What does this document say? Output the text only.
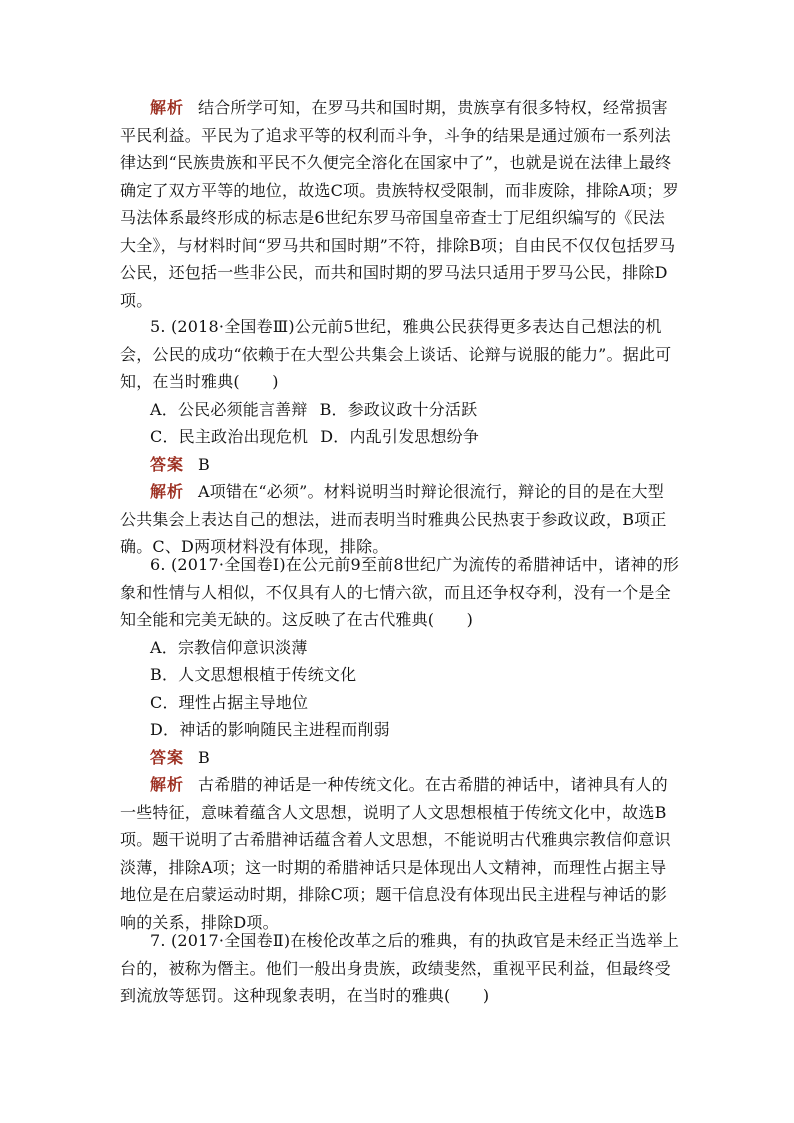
解析 结合所学可知，在罗马共和国时期，贵族享有很多特权，经常损害平民利益。平民为了追求平等的权利而斗争，斗争的结果是通过颁布一系列法律达到“民族贵族和平民不久便完全溶化在国家中了”，也就是说在法律上最终确定了双方平等的地位，故选C项。贵族特权受限制，而非废除，排除A项；罗马法体系最终形成的标志是6世纪东罗马帝国皇帝查士丁尼组织编写的《民法大全》，与材料时间“罗马共和国时期”不符，排除B项；自由民不仅仅包括罗马公民，还包括一些非公民，而共和国时期的罗马法只适用于罗马公民，排除D项。

5. (2018·全国卷Ⅲ)公元前5世纪，雅典公民获得更多表达自己想法的机会，公民的成功“依赖于在大型公共集会上谈话、论辩与说服的能力”。据此可知，在当时雅典(　　)

A．公民必须能言善辩 B．参政议政十分活跃
C．民主政治出现危机 D．内乱引发思想纷争

答案 B

解析 A项错在“必须”。材料说明当时辩论很流行，辩论的目的是在大型公共集会上表达自己的想法，进而表明当时雅典公民热衷于参政议政，B项正确。C、D两项材料没有体现，排除。

6. (2017·全国卷Ⅰ)在公元前9至前8世纪广为流传的希腊神话中，诸神的形象和性情与人相似，不仅具有人的七情六欲，而且还争权夺利，没有一个是全知全能和完美无缺的。这反映了在古代雅典(　　)

A．宗教信仰意识淡薄

B．人文思想根植于传统文化

C．理性占据主导地位

D．神话的影响随民主进程而削弱

答案 B

解析 古希腊的神话是一种传统文化。在古希腊的神话中，诸神具有人的一些特征，意味着蕴含人文思想，说明了人文思想根植于传统文化中，故选B项。题干说明了古希腊神话蕴含着人文思想，不能说明古代雅典宗教信仰意识淡薄，排除A项；这一时期的希腊神话只是体现出人文精神，而理性占据主导地位是在启蒙运动时期，排除C项；题干信息没有体现出民主进程与神话的影响的关系，排除D项。

7. (2017·全国卷Ⅱ)在梭伦改革之后的雅典，有的执政官是未经正当选举上台的，被称为僭主。他们一般出身贵族，政绩斐然，重视平民利益，但最终受到流放等惩罚。这种现象表明，在当时的雅典(　　)
